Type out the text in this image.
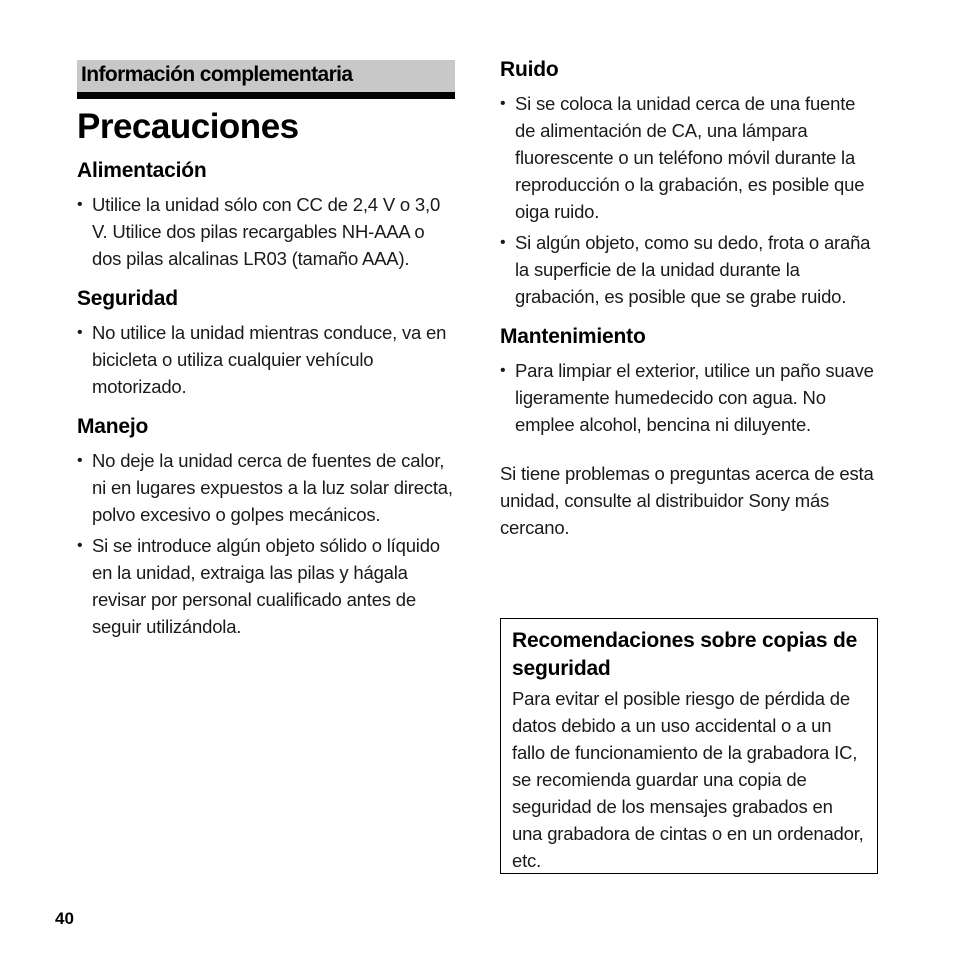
Información complementaria
Precauciones
Alimentación
• Utilice la unidad sólo con CC de 2,4 V o 3,0 V. Utilice dos pilas recargables NH-AAA o dos pilas alcalinas LR03 (tamaño AAA).
Seguridad
• No utilice la unidad mientras conduce, va en bicicleta o utiliza cualquier vehículo motorizado.
Manejo
• No deje la unidad cerca de fuentes de calor, ni en lugares expuestos a la luz solar directa, polvo excesivo o golpes mecánicos.
• Si se introduce algún objeto sólido o líquido en la unidad, extraiga las pilas y hágala revisar por personal cualificado antes de seguir utilizándola.
Ruido
• Si se coloca la unidad cerca de una fuente de alimentación de CA, una lámpara fluorescente o un teléfono móvil durante la reproducción o la grabación, es posible que oiga ruido.
• Si algún objeto, como su dedo, frota o araña la superficie de la unidad durante la grabación, es posible que se grabe ruido.
Mantenimiento
• Para limpiar el exterior, utilice un paño suave ligeramente humedecido con agua. No emplee alcohol, bencina ni diluyente.

Si tiene problemas o preguntas acerca de esta unidad, consulte al distribuidor Sony más cercano.

Recomendaciones sobre copias de seguridad

Para evitar el posible riesgo de pérdida de datos debido a un uso accidental o a un fallo de funcionamiento de la grabadora IC, se recomienda guardar una copia de seguridad de los mensajes grabados en una grabadora de cintas o en un ordenador, etc.

40
